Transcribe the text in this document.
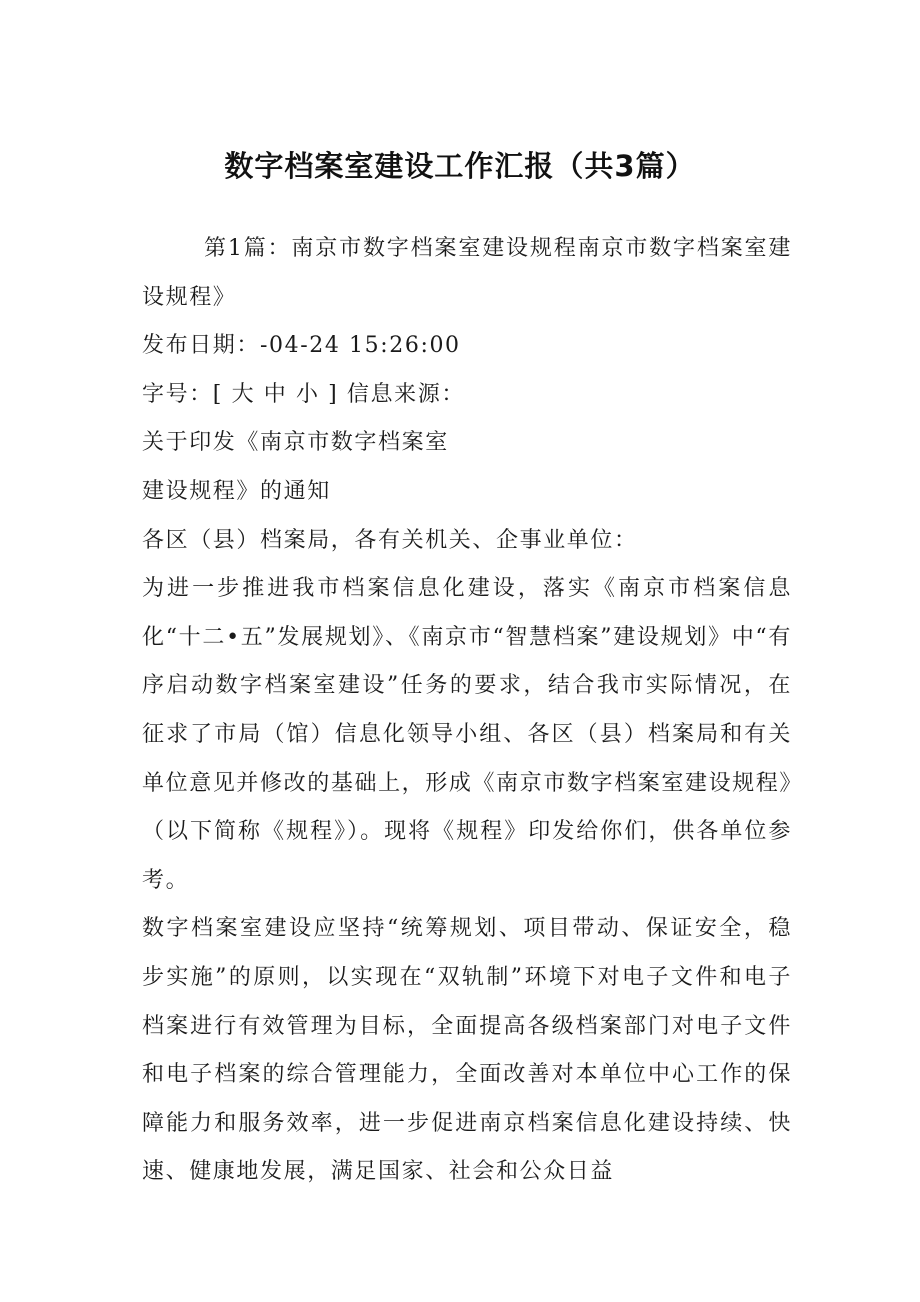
数字档案室建设工作汇报（共3篇）

第1篇：南京市数字档案室建设规程南京市数字档案室建设规程》

发布日期：-04-24 15:26:00

字号：[ 大 中 小 ] 信息来源：

关于印发《南京市数字档案室

建设规程》的通知

各区（县）档案局，各有关机关、企事业单位：

为进一步推进我市档案信息化建设，落实《南京市档案信息化“十二•五”发展规划》、《南京市“智慧档案”建设规划》中“有序启动数字档案室建设”任务的要求，结合我市实际情况，在征求了市局（馆）信息化领导小组、各区（县）档案局和有关单位意见并修改的基础上，形成《南京市数字档案室建设规程》（以下简称《规程》）。现将《规程》印发给你们，供各单位参考。

数字档案室建设应坚持“统筹规划、项目带动、保证安全，稳步实施”的原则，以实现在“双轨制”环境下对电子文件和电子档案进行有效管理为目标，全面提高各级档案部门对电子文件和电子档案的综合管理能力，全面改善对本单位中心工作的保障能力和服务效率，进一步促进南京档案信息化建设持续、快速、健康地发展，满足国家、社会和公众日益
